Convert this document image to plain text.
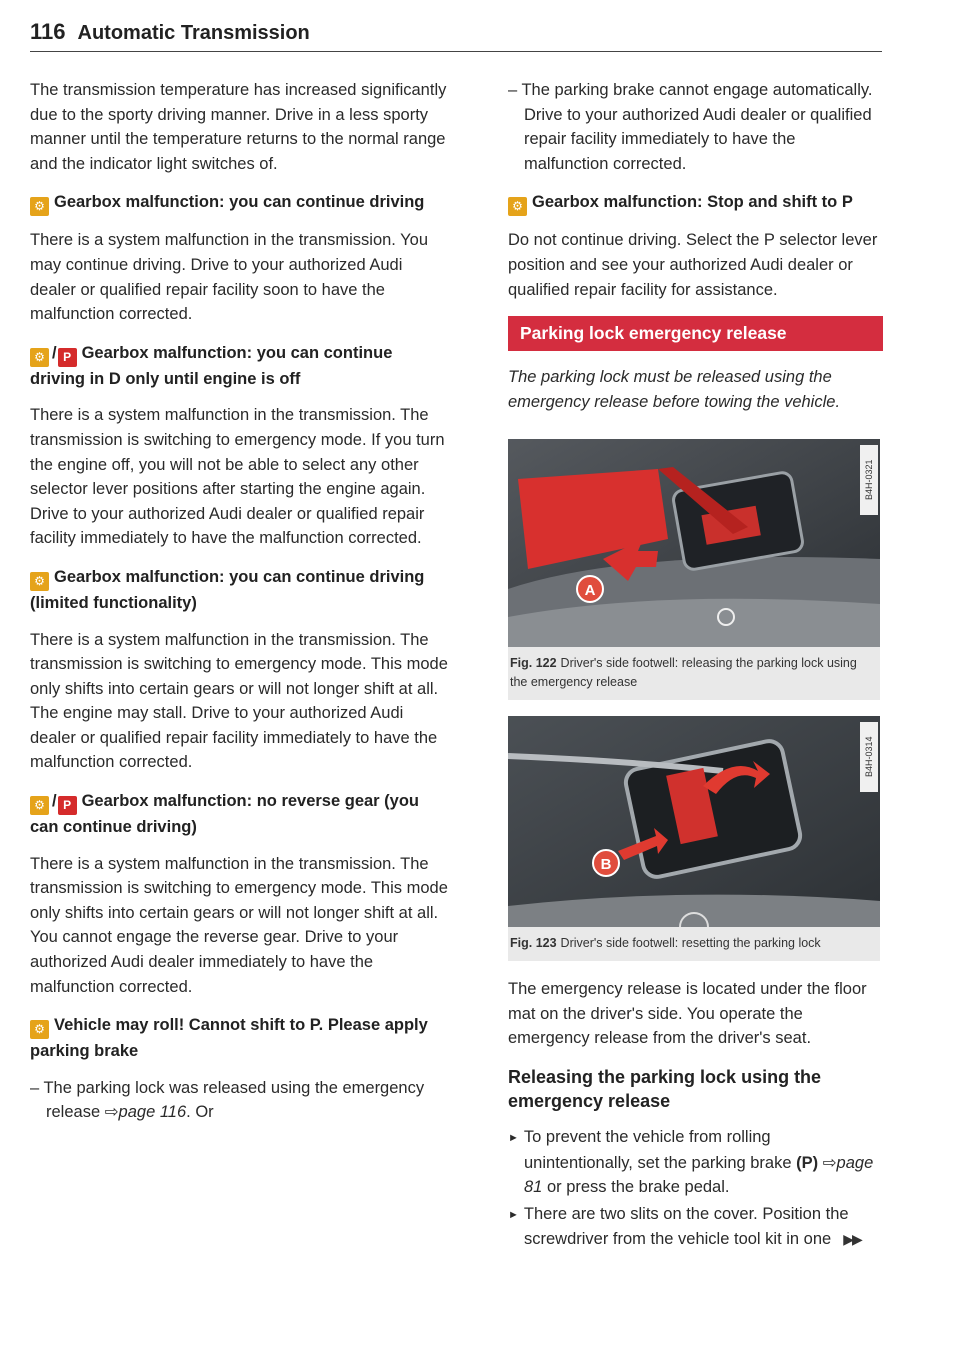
116 Automatic Transmission

The transmission temperature has increased significantly due to the sporty driving manner. Drive in a less sporty manner until the temperature returns to the normal range and the indicator light switches of.

⚙ Gearbox malfunction: you can continue driving

There is a system malfunction in the transmission. You may continue driving. Drive to your authorized Audi dealer or qualified repair facility soon to have the malfunction corrected.

⚙ / P Gearbox malfunction: you can continue driving in D only until engine is off

There is a system malfunction in the transmission. The transmission is switching to emergency mode. If you turn the engine off, you will not be able to select any other selector lever positions after starting the engine again. Drive to your authorized Audi dealer or qualified repair facility immediately to have the malfunction corrected.

⚙ Gearbox malfunction: you can continue driving (limited functionality)

There is a system malfunction in the transmission. The transmission is switching to emergency mode. This mode only shifts into certain gears or will not longer shift at all. The engine may stall. Drive to your authorized Audi dealer or qualified repair facility immediately to have the malfunction corrected.

⚙ / P Gearbox malfunction: no reverse gear (you can continue driving)

There is a system malfunction in the transmission. The transmission is switching to emergency mode. This mode only shifts into certain gears or will not longer shift at all. You cannot engage the reverse gear. Drive to your authorized Audi dealer immediately to have the malfunction corrected.

⚙ Vehicle may roll! Cannot shift to P. Please apply parking brake

– The parking lock was released using the emergency release ⇨page 116. Or

– The parking brake cannot engage automatically. Drive to your authorized Audi dealer or qualified repair facility immediately to have the malfunction corrected.

⚙ Gearbox malfunction: Stop and shift to P

Do not continue driving. Select the P selector lever position and see your authorized Audi dealer or qualified repair facility for assistance.

Parking lock emergency release
The parking lock must be released using the emergency release before towing the vehicle.
A
B4H-0321
Fig. 122 Driver's side footwell: releasing the parking lock using the emergency release
B
B4H-0314
Fig. 123 Driver's side footwell: resetting the parking lock

The emergency release is located under the floor mat on the driver's side. You operate the emergency release from the driver's seat.

Releasing the parking lock using the emergency release

► To prevent the vehicle from rolling unintentionally, set the parking brake (P) ⇨page 81 or press the brake pedal.

► There are two slits on the cover. Position the screwdriver from the vehicle tool kit in one ▶▶
